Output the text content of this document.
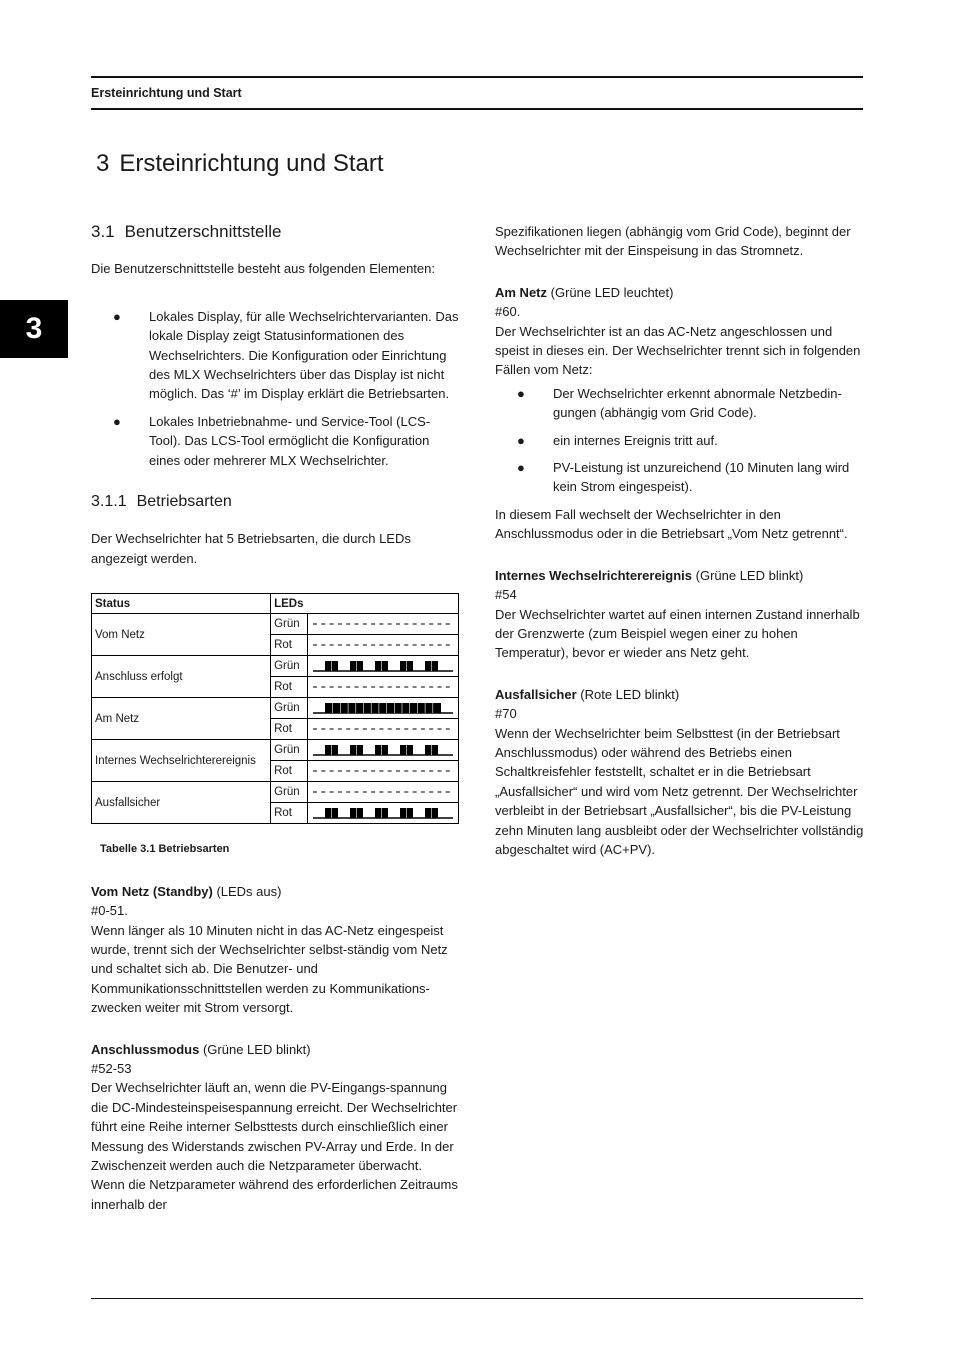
Ersteinrichtung und Start
3
3 Ersteinrichtung und Start
3.1 Benutzerschnittstelle

Die Benutzerschnittstelle besteht aus folgenden Elementen:

● Lokales Display, für alle Wechselrichtervarianten. Das lokale Display zeigt Statusinformationen des Wechselrichters. Die Konfiguration oder Einrichtung des MLX Wechselrichters über das Display ist nicht möglich. Das ‘#’ im Display erklärt die Betriebsarten.
● Lokales Inbetriebnahme- und Service-Tool (LCS-Tool). Das LCS-Tool ermöglicht die Konfiguration eines oder mehrerer MLX Wechselrichter.
3.1.1 Betriebsarten

Der Wechselrichter hat 5 Betriebsarten, die durch LEDs angezeigt werden.

Status	LEDs	
Vom Netz	Grün	

	Rot	

Anschluss erfolgt	Grün	

	Rot	

Am Netz	Grün	

	Rot	

Internes Wechselrichterereignis	Grün	

	Rot	

Ausfallsicher	Grün	

	Rot	
Tabelle 3.1 Betriebsarten

Vom Netz (Standby) (LEDs aus)

#0-51.

Wenn länger als 10 Minuten nicht in das AC-Netz eingespeist wurde, trennt sich der Wechselrichter selbst-ständig vom Netz und schaltet sich ab. Die Benutzer- und Kommunikationsschnittstellen werden zu Kommunikations-zwecken weiter mit Strom versorgt.

Anschlussmodus (Grüne LED blinkt)

#52-53

Der Wechselrichter läuft an, wenn die PV-Eingangs-spannung die DC-Mindesteinspeisespannung erreicht. Der Wechselrichter führt eine Reihe interner Selbsttests durch einschließlich einer Messung des Widerstands zwischen PV-Array und Erde. In der Zwischenzeit werden auch die Netzparameter überwacht. Wenn die Netzparameter während des erforderlichen Zeitraums innerhalb der

Spezifikationen liegen (abhängig vom Grid Code), beginnt der Wechselrichter mit der Einspeisung in das Stromnetz.

Am Netz (Grüne LED leuchtet)

#60.

Der Wechselrichter ist an das AC-Netz angeschlossen und speist in dieses ein. Der Wechselrichter trennt sich in folgenden Fällen vom Netz:

● Der Wechselrichter erkennt abnormale Netzbedin-gungen (abhängig vom Grid Code).
● ein internes Ereignis tritt auf.
● PV-Leistung ist unzureichend (10 Minuten lang wird kein Strom eingespeist).

In diesem Fall wechselt der Wechselrichter in den Anschlussmodus oder in die Betriebsart „Vom Netz getrennt“.

Internes Wechselrichterereignis (Grüne LED blinkt)

#54

Der Wechselrichter wartet auf einen internen Zustand innerhalb der Grenzwerte (zum Beispiel wegen einer zu hohen Temperatur), bevor er wieder ans Netz geht.

Ausfallsicher (Rote LED blinkt)

#70

Wenn der Wechselrichter beim Selbsttest (in der Betriebsart Anschlussmodus) oder während des Betriebs einen Schaltkreisfehler feststellt, schaltet er in die Betriebsart „Ausfallsicher“ und wird vom Netz getrennt. Der Wechselrichter verbleibt in der Betriebsart „Ausfallsicher“, bis die PV-Leistung zehn Minuten lang ausbleibt oder der Wechselrichter vollständig abgeschaltet wird (AC+PV).
